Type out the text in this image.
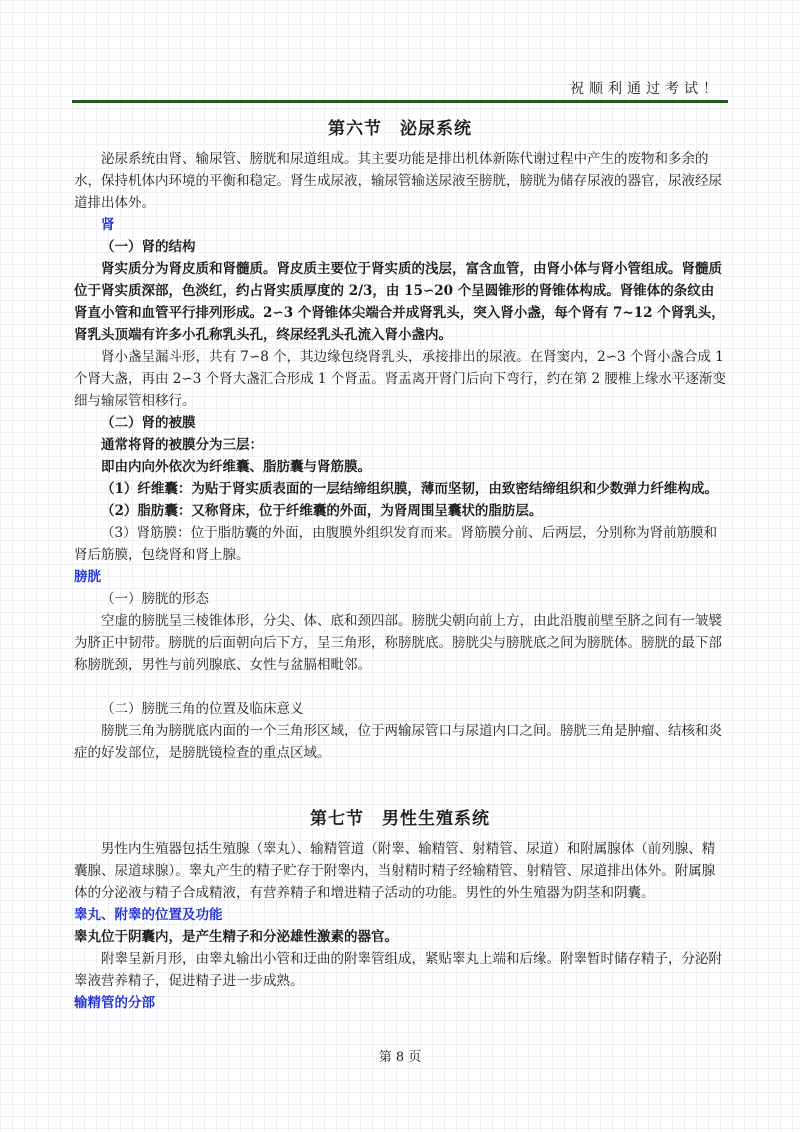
祝顺利通过考试！
第六节　泌尿系统

泌尿系统由肾、输尿管、膀胱和尿道组成。其主要功能是排出机体新陈代谢过程中产生的废物和多余的水，保持机体内环境的平衡和稳定。肾生成尿液，输尿管输送尿液至膀胱，膀胱为储存尿液的器官，尿液经尿道排出体外。

肾

（一）肾的结构

肾实质分为肾皮质和肾髓质。肾皮质主要位于肾实质的浅层，富含血管，由肾小体与肾小管组成。肾髓质位于肾实质深部，色淡红，约占肾实质厚度的 2/3，由 15∽20 个呈圆锥形的肾锥体构成。肾锥体的条纹由肾直小管和血管平行排列形成。2∽3 个肾锥体尖端合并成肾乳头，突入肾小盏，每个肾有 7~12 个肾乳头，肾乳头顶端有许多小孔称乳头孔，终尿经乳头孔流入肾小盏内。

肾小盏呈漏斗形，共有 7∽8 个，其边缘包绕肾乳头，承接排出的尿液。在肾窦内，2∽3 个肾小盏合成 1 个肾大盏，再由 2∽3 个肾大盏汇合形成 1 个肾盂。肾盂离开肾门后向下弯行，约在第 2 腰椎上缘水平逐渐变细与输尿管相移行。

（二）肾的被膜

通常将肾的被膜分为三层：

即由内向外依次为纤维囊、脂肪囊与肾筋膜。

（1）纤维囊：为贴于肾实质表面的一层结缔组织膜，薄而坚韧，由致密结缔组织和少数弹力纤维构成。

（2）脂肪囊：又称肾床，位于纤维囊的外面，为肾周围呈囊状的脂肪层。

（3）肾筋膜：位于脂肪囊的外面，由腹膜外组织发育而来。肾筋膜分前、后两层，分别称为肾前筋膜和肾后筋膜，包绕肾和肾上腺。

膀胱

（一）膀胱的形态

空虚的膀胱呈三棱锥体形，分尖、体、底和颈四部。膀胱尖朝向前上方，由此沿腹前壁至脐之间有一皱襞为脐正中韧带。膀胱的后面朝向后下方，呈三角形，称膀胱底。膀胱尖与膀胱底之间为膀胱体。膀胱的最下部称膀胱颈，男性与前列腺底、女性与盆膈相毗邻。

（二）膀胱三角的位置及临床意义

膀胱三角为膀胱底内面的一个三角形区域，位于两输尿管口与尿道内口之间。膀胱三角是肿瘤、结核和炎症的好发部位，是膀胱镜检查的重点区域。

第七节　男性生殖系统

男性内生殖器包括生殖腺（睾丸）、输精管道（附睾、输精管、射精管、尿道）和附属腺体（前列腺、精囊腺、尿道球腺）。睾丸产生的精子贮存于附睾内，当射精时精子经输精管、射精管、尿道排出体外。附属腺体的分泌液与精子合成精液，有营养精子和增进精子活动的功能。男性的外生殖器为阴茎和阴囊。

睾丸、附睾的位置及功能

睾丸位于阴囊内，是产生精子和分泌雄性激素的器官。

附睾呈新月形，由睾丸输出小管和迂曲的附睾管组成，紧贴睾丸上端和后缘。附睾暂时储存精子，分泌附睾液营养精子，促进精子进一步成熟。

输精管的分部

第 8 页
